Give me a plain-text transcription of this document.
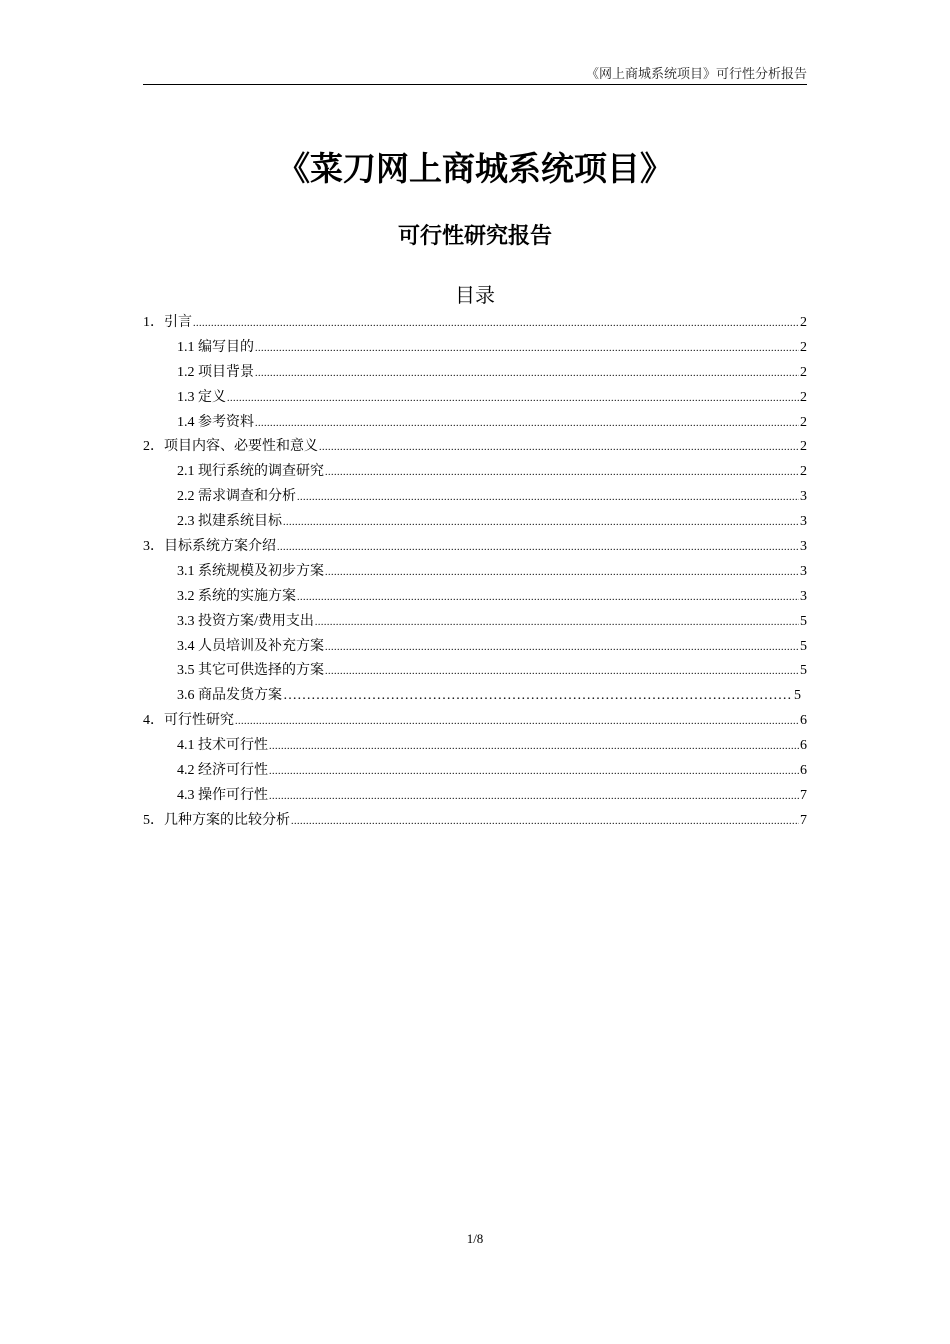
《网上商城系统项目》可行性分析报告
《菜刀网上商城系统项目》
可行性研究报告
目录
1．引言 .....	2
1.1 编写目的 .....	2
1.2 项目背景 .....	2
1.3 定义 .....	2
1.4 参考资料 .....	2
2．项目内容、必要性和意义 .....	2
2.1 现行系统的调查研究 .....	2
2.2 需求调查和分析 .....	3
2.3 拟建系统目标 .....	3
3．目标系统方案介绍 .....	3
3.1 系统规模及初步方案 .....	3
3.2 系统的实施方案 .....	3
3.3 投资方案/费用支出 .....	5
3.4 人员培训及补充方案 .....	5
3.5 其它可供选择的方案 .....	5
3.6 商品发货方案 ……………………………………………………………………………………………………………………………………	5
4．可行性研究 .....	6
4.1 技术可行性 .....	6
4.2 经济可行性 .....	6
4.3 操作可行性 .....	7
5．几种方案的比较分析 .....	7
1/8
